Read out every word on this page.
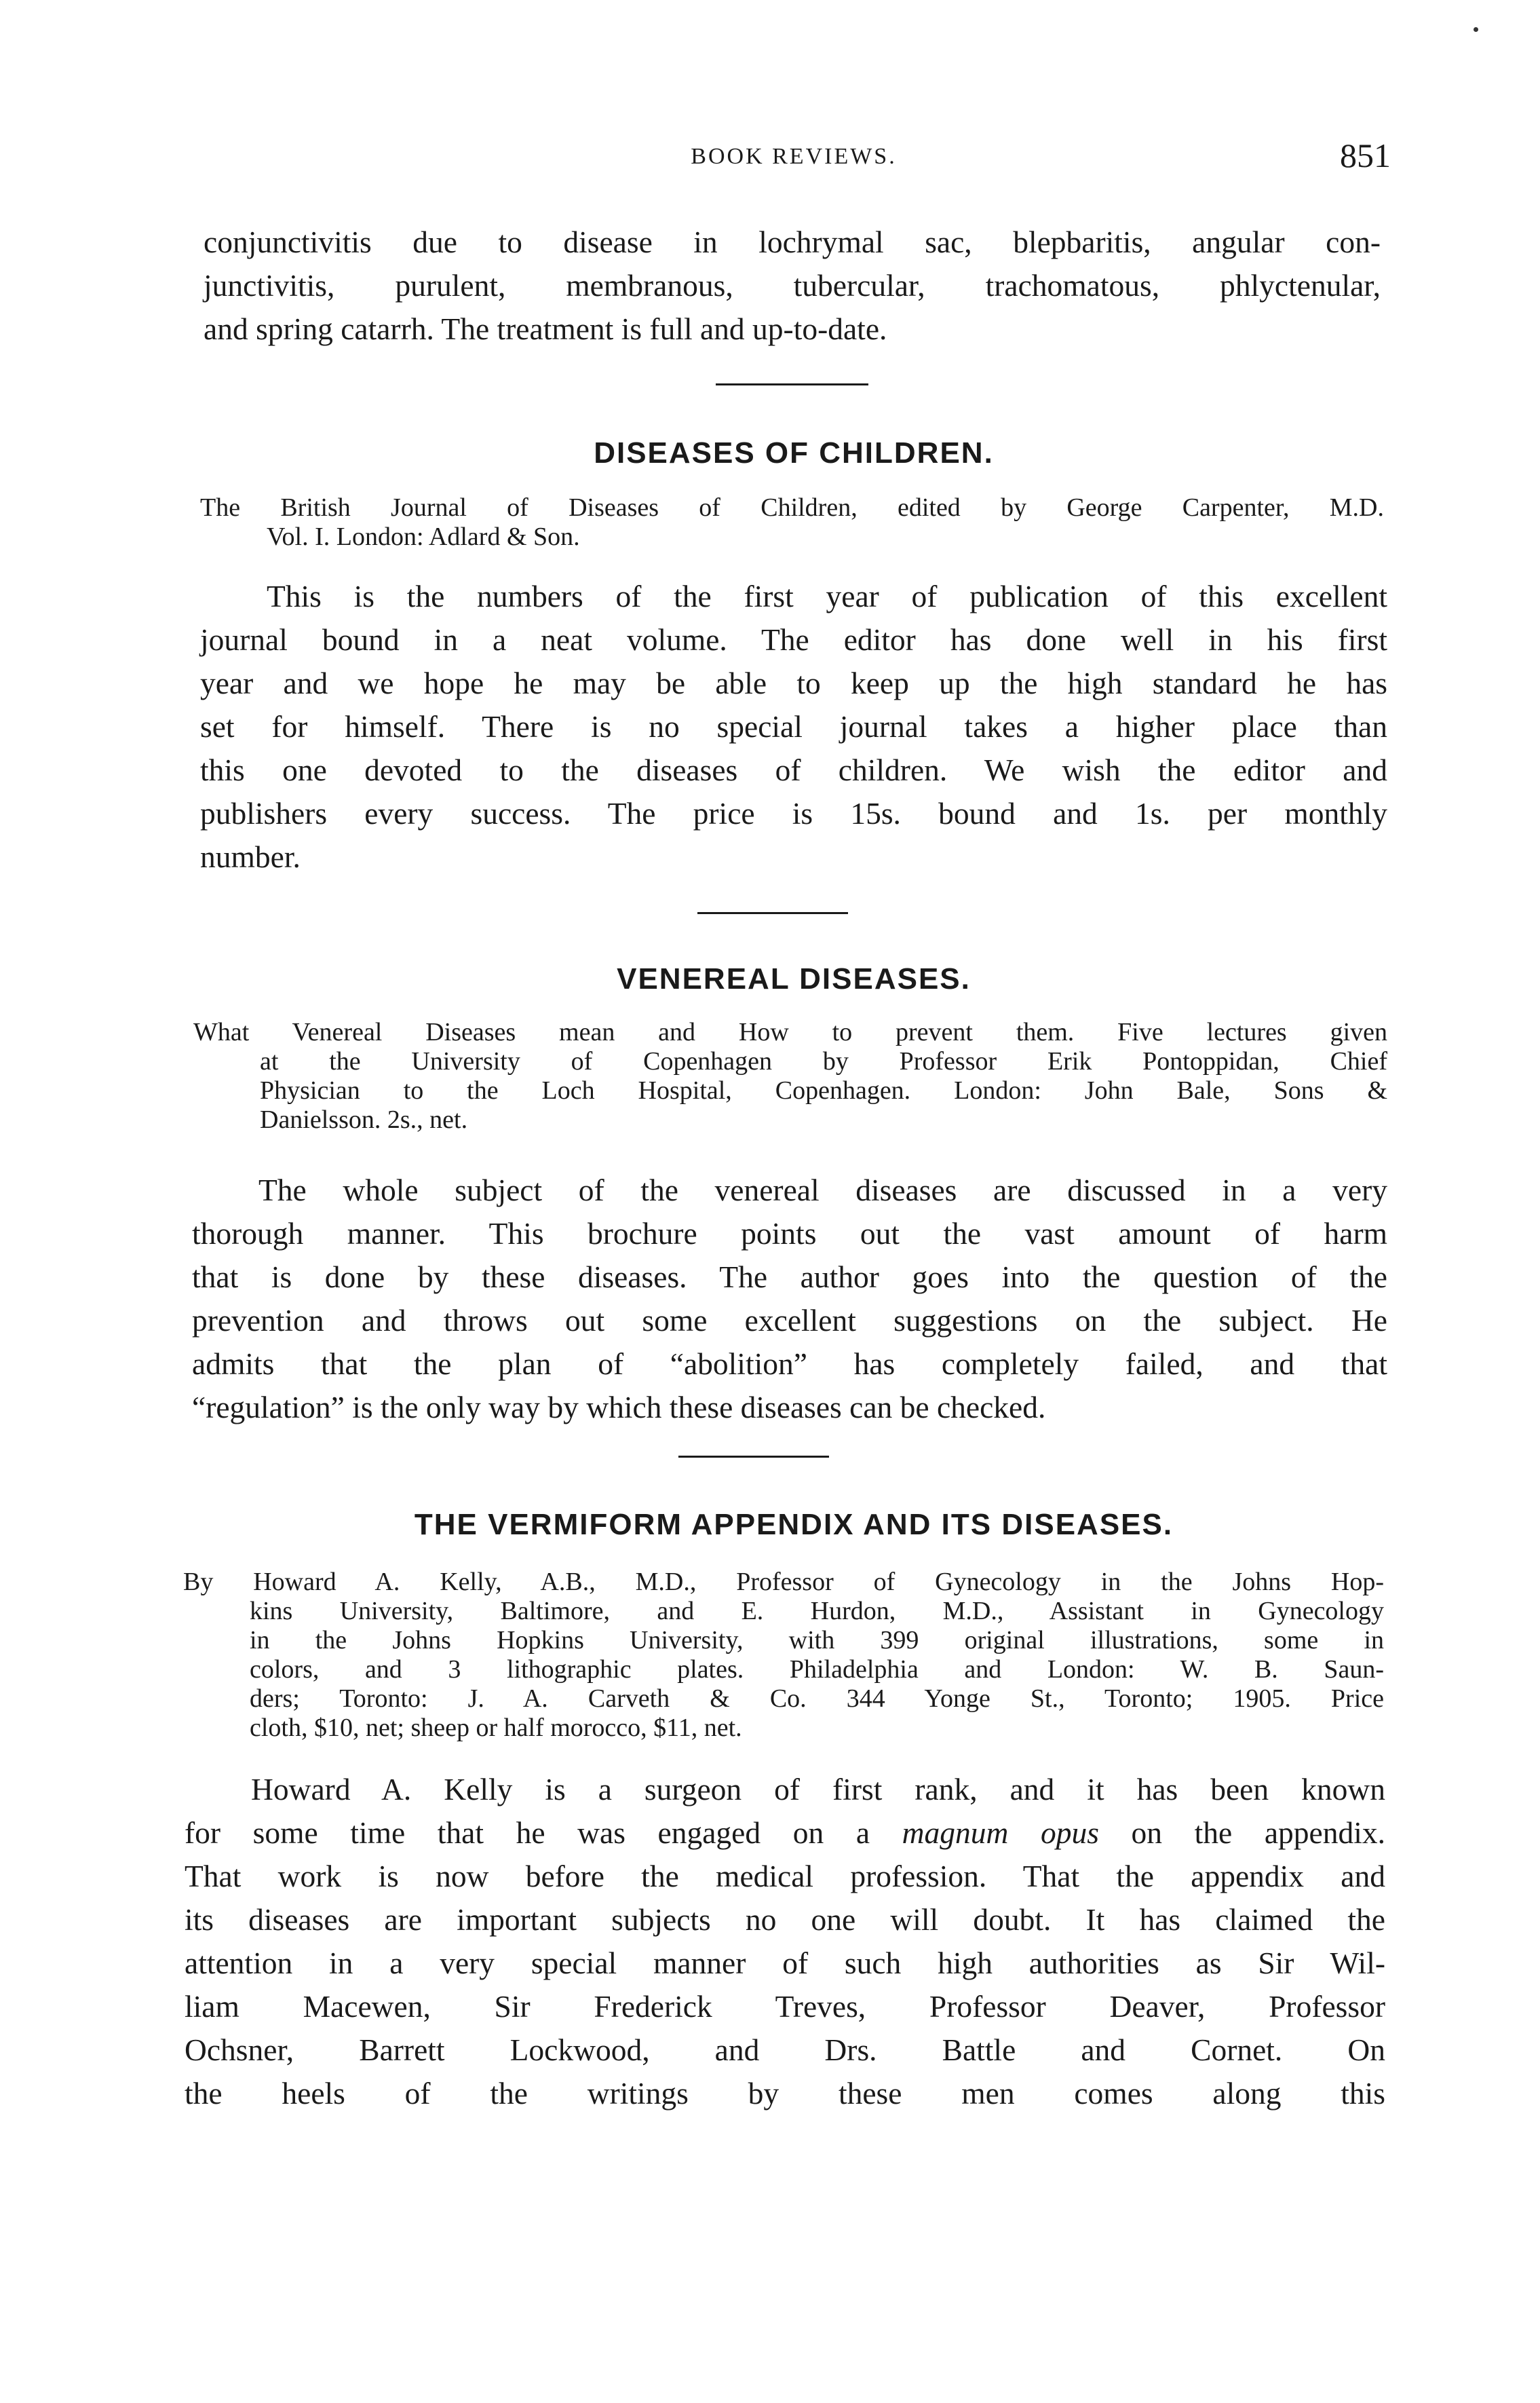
BOOK REVIEWS.	851
conjunctivitis due to disease in lochrymal sac, blepbaritis, angular con-
junctivitis, purulent, membranous, tubercular, trachomatous, phlyctenular,
and spring catarrh. The treatment is full and up-to-date.
DISEASES OF CHILDREN.
The British Journal of Diseases of Children, edited by George Carpenter, M.D.
Vol. I. London: Adlard & Son.
This is the numbers of the first year of publication of this excellent
journal bound in a neat volume. The editor has done well in his first
year and we hope he may be able to keep up the high standard he has
set for himself. There is no special journal takes a higher place than
this one devoted to the diseases of children. We wish the editor and
publishers every success. The price is 15s. bound and 1s. per monthly
number.
VENEREAL DISEASES.
What Venereal Diseases mean and How to prevent them. Five lectures given
at the University of Copenhagen by Professor Erik Pontoppidan, Chief
Physician to the Loch Hospital, Copenhagen. London: John Bale, Sons &
Danielsson. 2s., net.
The whole subject of the venereal diseases are discussed in a very
thorough manner. This brochure points out the vast amount of harm
that is done by these diseases. The author goes into the question of the
prevention and throws out some excellent suggestions on the subject. He
admits that the plan of “abolition” has completely failed, and that
“regulation” is the only way by which these diseases can be checked.
THE VERMIFORM APPENDIX AND ITS DISEASES.
By Howard A. Kelly, A.B., M.D., Professor of Gynecology in the Johns Hop-
kins University, Baltimore, and E. Hurdon, M.D., Assistant in Gynecology
in the Johns Hopkins University, with 399 original illustrations, some in
colors, and 3 lithographic plates. Philadelphia and London: W. B. Saun-
ders; Toronto: J. A. Carveth & Co. 344 Yonge St., Toronto; 1905. Price
cloth, $10, net; sheep or half morocco, $11, net.
Howard A. Kelly is a surgeon of first rank, and it has been known
for some time that he was engaged on a magnum opus on the appendix.
That work is now before the medical profession. That the appendix and
its diseases are important subjects no one will doubt. It has claimed the
attention in a very special manner of such high authorities as Sir Wil-
liam Macewen, Sir Frederick Treves, Professor Deaver, Professor
Ochsner, Barrett Lockwood, and Drs. Battle and Cornet. On
the heels of the writings by these men comes along this
